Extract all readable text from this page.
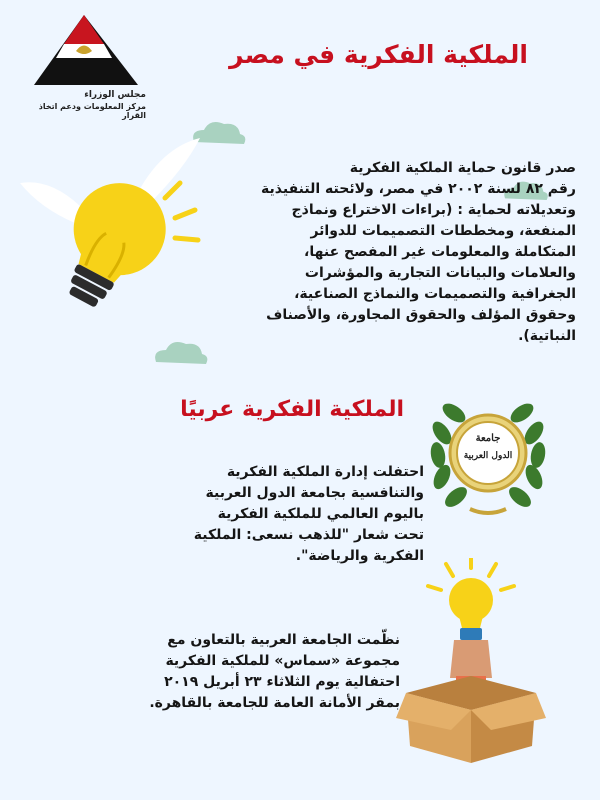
مجلس الوزراء
مركز المعلومات ودعم اتخاذ القرار
الملكية الفكرية في مصر
صدر قانون حماية الملكية الفكرية
رقم ٨٢ لسنة ٢٠٠٢ في مصر، ولائحته التنفيذية
وتعديلاته لحماية : (براءات الاختراع ونماذج
المنفعة، ومخططات التصميمات للدوائر
المتكاملة والمعلومات غير المفصح عنها،
والعلامات والبيانات التجارية والمؤشرات
الجغرافية والتصميمات والنماذج الصناعية،
وحقوق المؤلف والحقوق المجاورة، والأصناف
النباتية).
الملكية الفكرية عربيًا
جامعة
الدول العربية
احتفلت إدارة الملكية الفكرية
والتنافسية بجامعة الدول العربية
باليوم العالمي للملكية الفكرية
تحت شعار "للذهب نسعى: الملكية
الفكرية والرياضة".
نظّمت الجامعة العربية بالتعاون مع
مجموعة «سماس» للملكية الفكرية
احتفالية يوم الثلاثاء ٢٣ أبريل ٢٠١٩
بمقر الأمانة العامة للجامعة بالقاهرة.
